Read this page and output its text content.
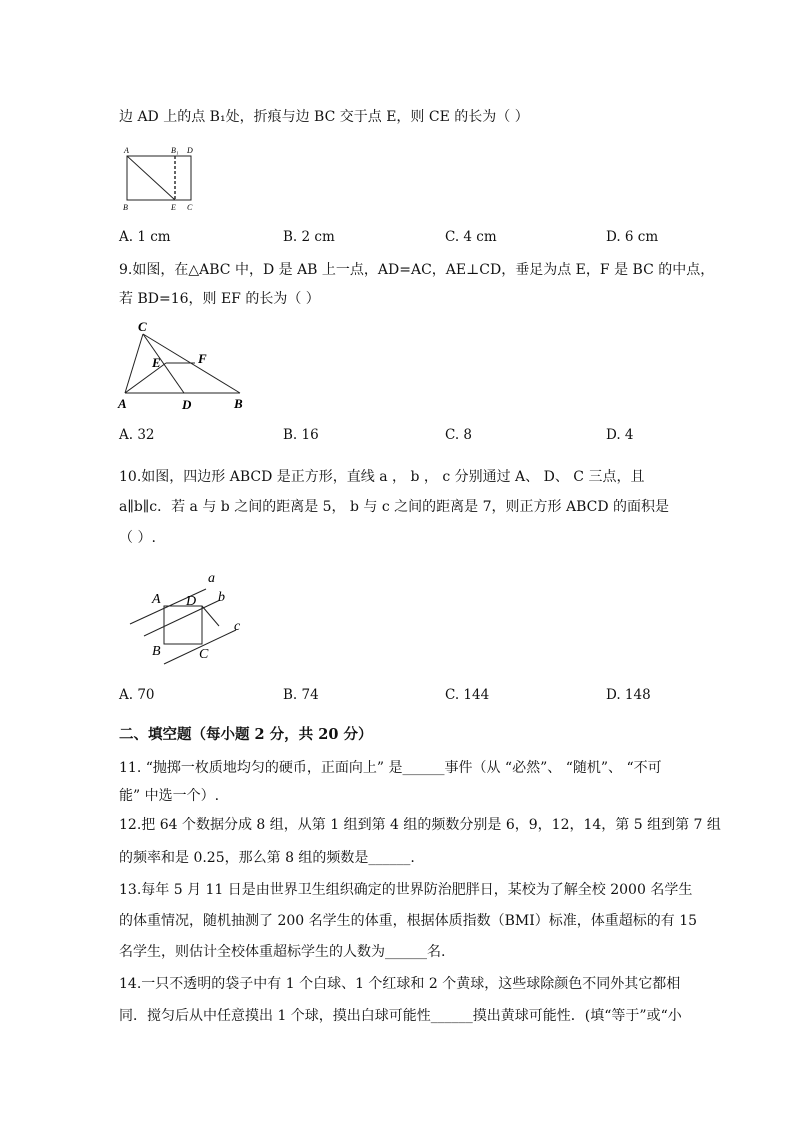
边 AD 上的点 B₁处，折痕与边 BC 交于点 E，则 CE 的长为（ ）
A	B₁ D
B	E C
A. 1 cm	B. 2 cm	C. 4 cm	D. 6 cm
9.如图，在△ABC 中，D 是 AB 上一点，AD=AC，AE⊥CD，垂足为点 E，F 是 BC 的中点，
若 BD=16，则 EF 的长为（ ）
C
E	F
A	D	B
A. 32	B. 16	C. 8	D. 4
10.如图，四边形 ABCD 是正方形，直线 a ， b ， c 分别通过 A、 D、 C 三点，且
a∥b∥c．若 a 与 b 之间的距离是 5， b 与 c 之间的距离是 7，则正方形 ABCD 的面积是
（ ）.
a
b
c
A D
B	C
A. 70	B. 74	C. 144	D. 148
二、填空题（每小题 2 分，共 20 分）
11. “抛掷一枚质地均匀的硬币，正面向上” 是______事件（从 “必然”、 “随机”、 “不可
能” 中选一个）.
12.把 64 个数据分成 8 组，从第 1 组到第 4 组的频数分别是 6，9，12，14，第 5 组到第 7 组
的频率和是 0.25，那么第 8 组的频数是______.
13.每年 5 月 11 日是由世界卫生组织确定的世界防治肥胖日，某校为了解全校 2000 名学生
的体重情况，随机抽测了 200 名学生的体重，根据体质指数（BMI）标准，体重超标的有 15
名学生，则估计全校体重超标学生的人数为______名.
14.一只不透明的袋子中有 1 个白球、1 个红球和 2 个黄球，这些球除颜色不同外其它都相
同．搅匀后从中任意摸出 1 个球，摸出白球可能性______摸出黄球可能性．(填“等于”或“小
